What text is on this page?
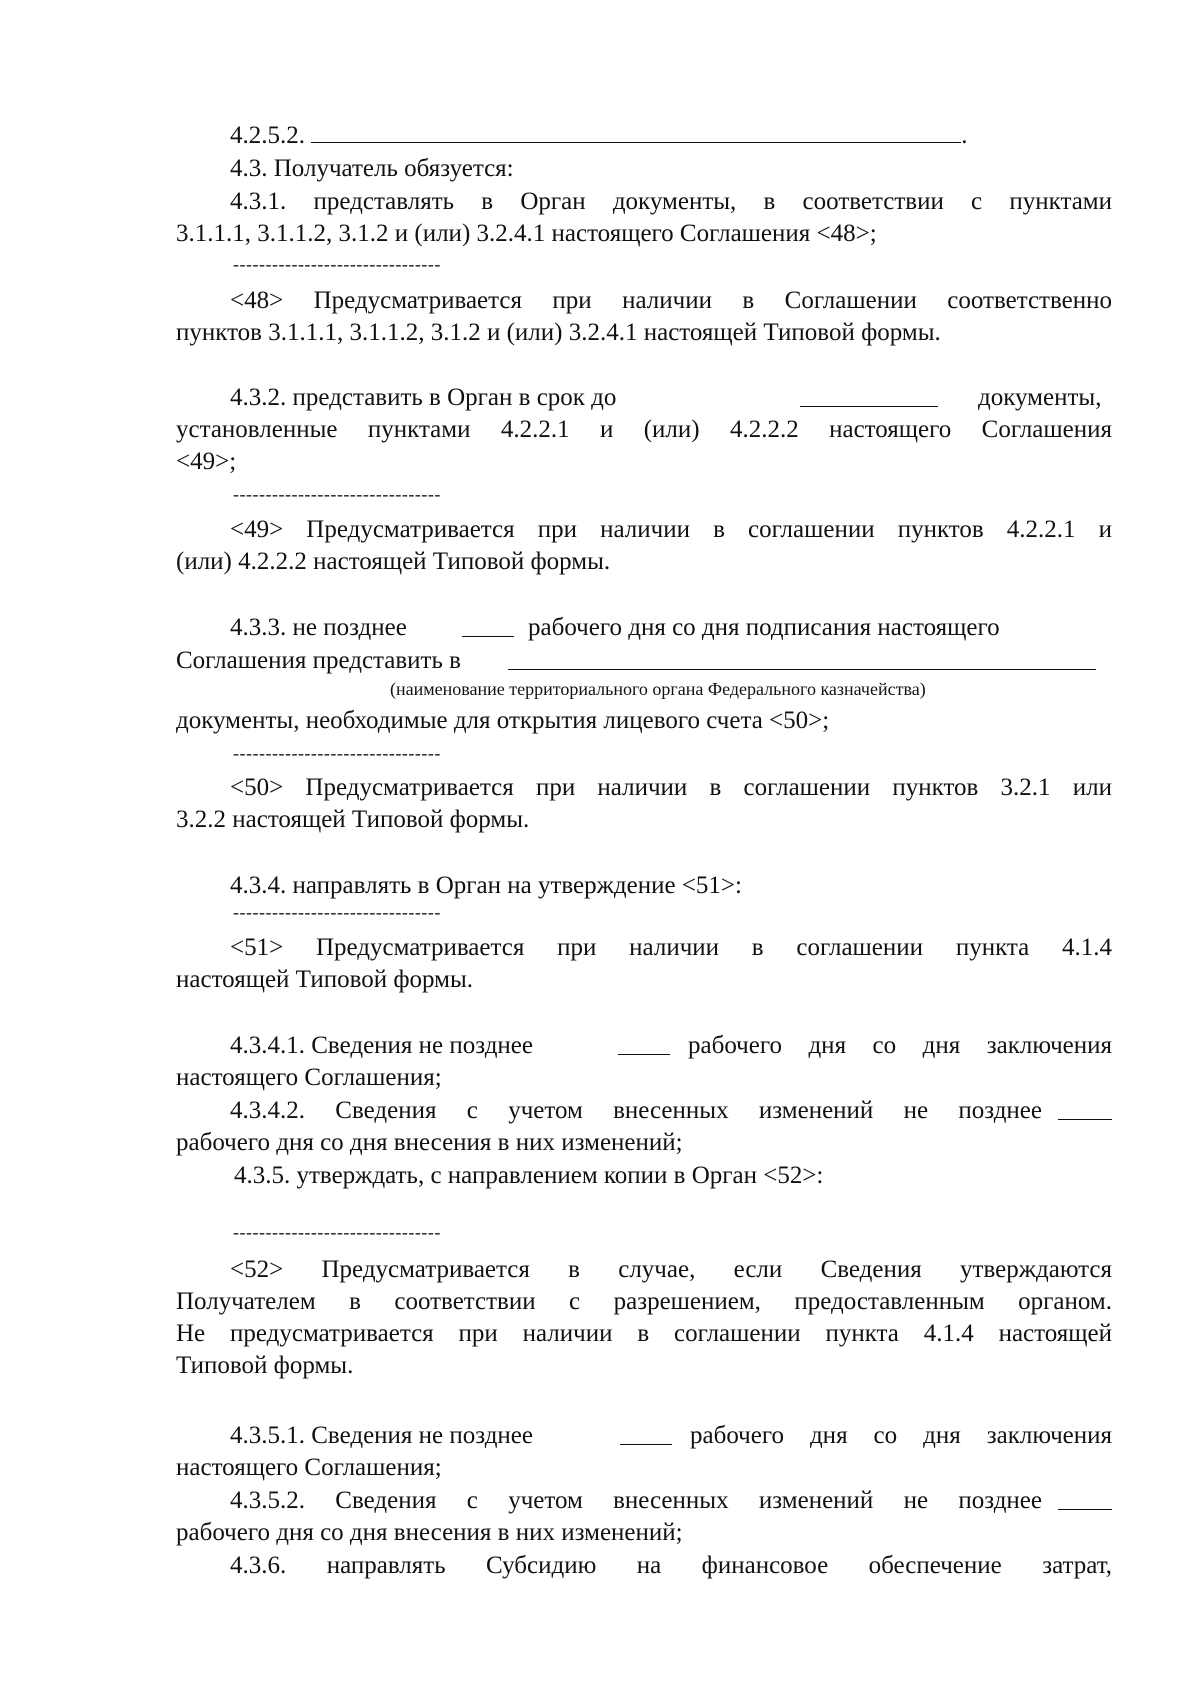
4.2.5.2.	.
4.3. Получатель обязуется:
4.3.1. представлять в Орган документы, в соответствии с пунктами
3.1.1.1, 3.1.1.2, 3.1.2 и (или) 3.2.4.1 настоящего Соглашения <48>;
--------------------------------
<48> Предусматривается при наличии в Соглашении соответственно
пунктов 3.1.1.1, 3.1.1.2, 3.1.2 и (или) 3.2.4.1 настоящей Типовой формы.
4.3.2. представить в Орган в срок до	документы,
установленные пунктами 4.2.2.1 и (или) 4.2.2.2 настоящего Соглашения
<49>;
--------------------------------
<49> Предусматривается при наличии в соглашении пунктов 4.2.2.1 и
(или) 4.2.2.2 настоящей Типовой формы.
4.3.3. не позднее	рабочего дня со дня подписания настоящего
Соглашения представить в
(наименование территориального органа Федерального казначейства)
документы, необходимые для открытия лицевого счета <50>;
--------------------------------
<50> Предусматривается при наличии в соглашении пунктов 3.2.1 или
3.2.2 настоящей Типовой формы.
4.3.4. направлять в Орган на утверждение <51>:
--------------------------------
<51> Предусматривается при наличии в соглашении пункта 4.1.4
настоящей Типовой формы.
4.3.4.1. Сведения не позднее	рабочего дня со дня заключения
настоящего Соглашения;
4.3.4.2. Сведения с учетом внесенных изменений не позднее
рабочего дня со дня внесения в них изменений;
4.3.5. утверждать, с направлением копии в Орган <52>:
--------------------------------
<52> Предусматривается в случае, если Сведения утверждаются
Получателем в соответствии с разрешением, предоставленным органом.
Не предусматривается при наличии в соглашении пункта 4.1.4 настоящей
Типовой формы.
4.3.5.1. Сведения не позднее	рабочего дня со дня заключения
настоящего Соглашения;
4.3.5.2. Сведения с учетом внесенных изменений не позднее
рабочего дня со дня внесения в них изменений;
4.3.6. направлять Субсидию на финансовое обеспечение затрат,
